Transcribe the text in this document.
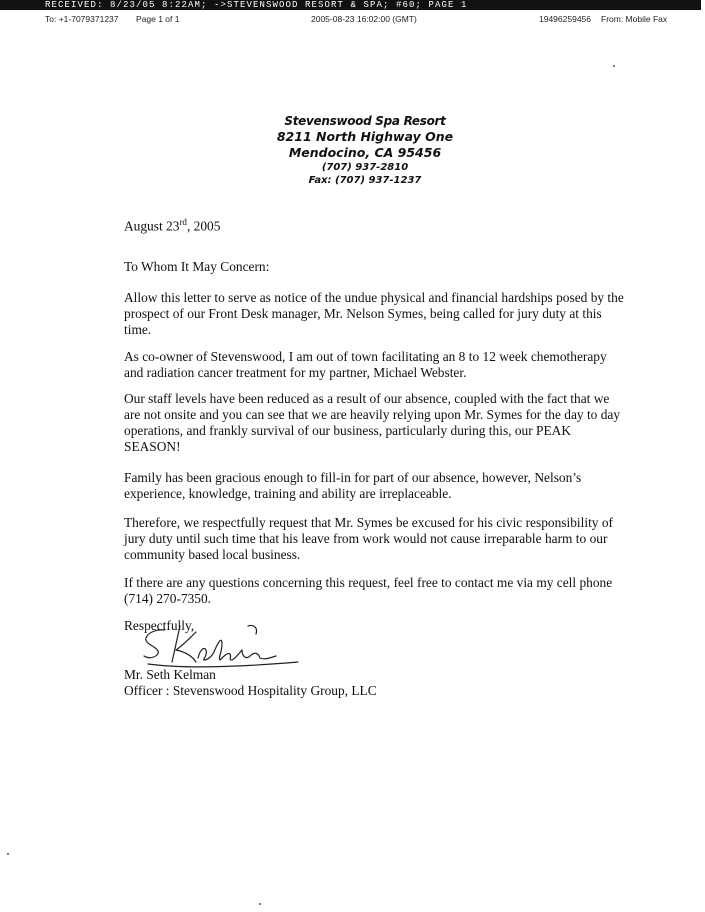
RECEIVED: 8/23/05 8:22AM; ->STEVENSWOOD RESORT & SPA; #60; PAGE 1
To: +1-7079371237 Page 1 of 1	2005-08-23 16:02:00 (GMT)	19496259456 From: Mobile Fax
Stevenswood Spa Resort
8211 North Highway One
Mendocino, CA 95456
(707) 937-2810
Fax: (707) 937-1237
August 23rd, 2005
To Whom It May Concern:

Allow this letter to serve as notice of the undue physical and financial hardships posed by the prospect of our Front Desk manager, Mr. Nelson Symes, being called for jury duty at this time.

As co-owner of Stevenswood, I am out of town facilitating an 8 to 12 week chemotherapy and radiation cancer treatment for my partner, Michael Webster.

Our staff levels have been reduced as a result of our absence, coupled with the fact that we are not onsite and you can see that we are heavily relying upon Mr. Symes for the day to day operations, and frankly survival of our business, particularly during this, our PEAK SEASON!

Family has been gracious enough to fill-in for part of our absence, however, Nelson’s experience, knowledge, training and ability are irreplaceable.

Therefore, we respectfully request that Mr. Symes be excused for his civic responsibility of jury duty until such time that his leave from work would not cause irreparable harm to our community based local business.

If there are any questions concerning this request, feel free to contact me via my cell phone (714) 270-7350.

Respectfully,
Mr. Seth Kelman
Officer : Stevenswood Hospitality Group, LLC
